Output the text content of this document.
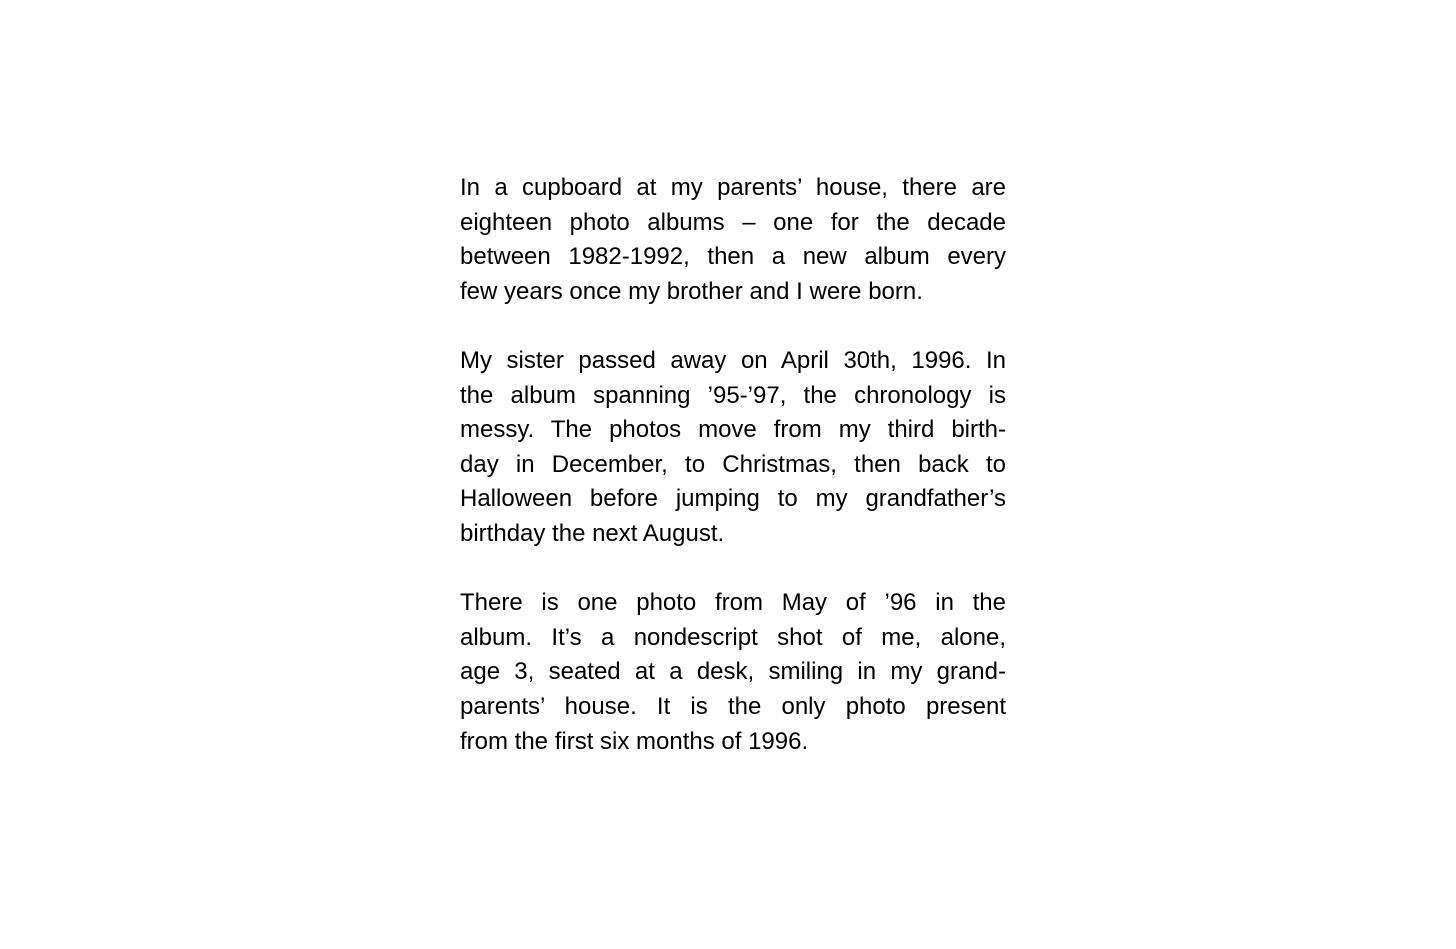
In a cupboard at my parents’ house, there are
eighteen photo albums – one for the decade
between 1982-1992, then a new album every
few years once my brother and I were born.
My sister passed away on April 30th, 1996. In
the album spanning ’95-’97, the chronology is
messy. The photos move from my third birth-
day in December, to Christmas, then back to
Halloween before jumping to my grandfather’s
birthday the next August.
There is one photo from May of ’96 in the
album. It’s a nondescript shot of me, alone,
age 3, seated at a desk, smiling in my grand-
parents’ house. It is the only photo present
from the first six months of 1996.
